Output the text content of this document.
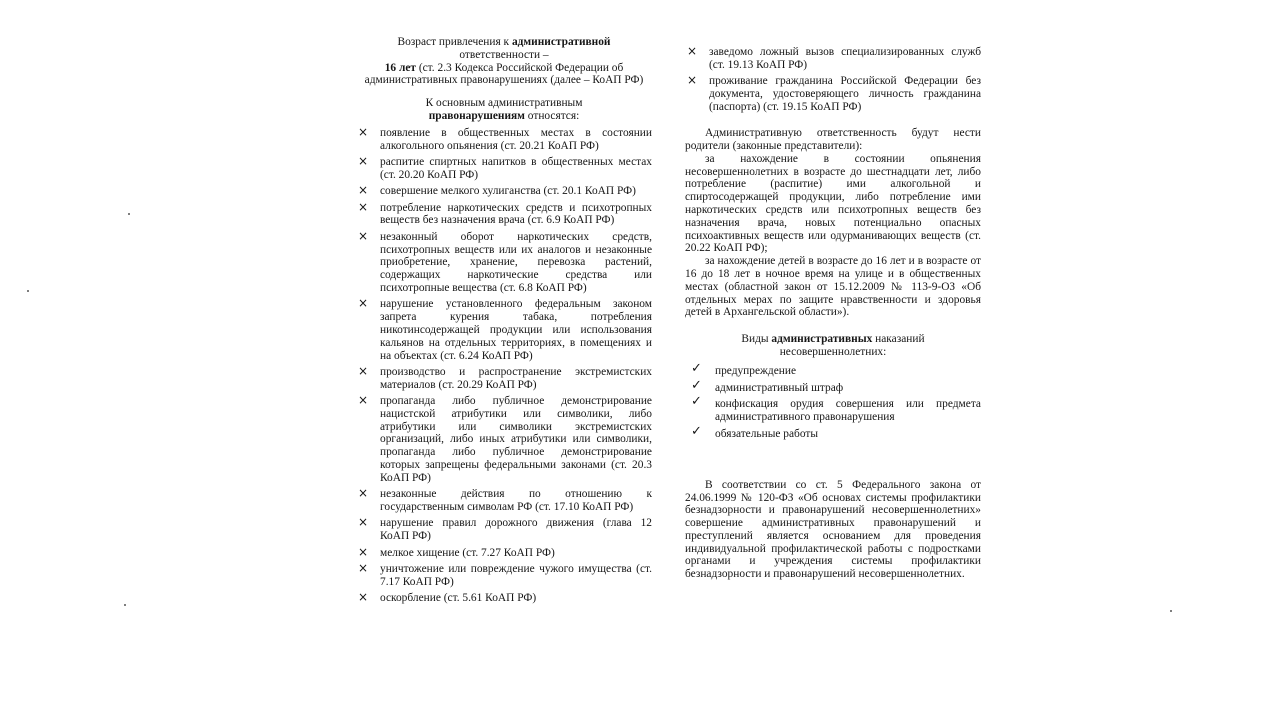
Возраст привлечения к административной

ответственности –

16 лет (ст. 2.3 Кодекса Российской Федерации об административных правонарушениях (далее – КоАП РФ)

К основным административным

правонарушениям относятся:

× появление в общественных местах в состоянии алкогольного опьянения (ст. 20.21 КоАП РФ)
× распитие спиртных напитков в общественных местах (ст. 20.20 КоАП РФ)
× совершение мелкого хулиганства (ст. 20.1 КоАП РФ)
× потребление наркотических средств и психотропных веществ без назначения врача (ст. 6.9 КоАП РФ)
× незаконный оборот наркотических средств, психотропных веществ или их аналогов и незаконные приобретение, хранение, перевозка растений, содержащих наркотические средства или психотропные вещества (ст. 6.8 КоАП РФ)
× нарушение установленного федеральным законом запрета курения табака, потребления никотинсодержащей продукции или использования кальянов на отдельных территориях, в помещениях и на объектах (ст. 6.24 КоАП РФ)
× производство и распространение экстремистских материалов (ст. 20.29 КоАП РФ)
× пропаганда либо публичное демонстрирование нацистской атрибутики или символики, либо атрибутики или символики экстремистских организаций, либо иных атрибутики или символики, пропаганда либо публичное демонстрирование которых запрещены федеральными законами (ст. 20.3 КоАП РФ)
× незаконные действия по отношению к государственным символам РФ (ст. 17.10 КоАП РФ)
× нарушение правил дорожного движения (глава 12 КоАП РФ)
× мелкое хищение (ст. 7.27 КоАП РФ)
× уничтожение или повреждение чужого имущества (ст. 7.17 КоАП РФ)
× оскорбление (ст. 5.61 КоАП РФ)
× заведомо ложный вызов специализированных служб (ст. 19.13 КоАП РФ)
× проживание гражданина Российской Федерации без документа, удостоверяющего личность гражданина (паспорта) (ст. 19.15 КоАП РФ)

Административную ответственность будут нести родители (законные представители):

за нахождение в состоянии опьянения несовершеннолетних в возрасте до шестнадцати лет, либо потребление (распитие) ими алкогольной и спиртосодержащей продукции, либо потребление ими наркотических средств или психотропных веществ без назначения врача, новых потенциально опасных психоактивных веществ или одурманивающих веществ (ст. 20.22 КоАП РФ);

за нахождение детей в возрасте до 16 лет и в возрасте от 16 до 18 лет в ночное время на улице и в общественных местах (областной закон от 15.12.2009 № 113-9-ОЗ «Об отдельных мерах по защите нравственности и здоровья детей в Архангельской области»).

Виды административных наказаний

несовершеннолетних:

✓ предупреждение
✓ административный штраф
✓ конфискация орудия совершения или предмета административного правонарушения
✓ обязательные работы

В соответствии со ст. 5 Федерального закона от 24.06.1999 № 120-ФЗ «Об основах системы профилактики безнадзорности и правонарушений несовершеннолетних» совершение административных правонарушений и преступлений является основанием для проведения индивидуальной профилактической работы с подростками органами и учреждения системы профилактики безнадзорности и правонарушений несовершеннолетних.
